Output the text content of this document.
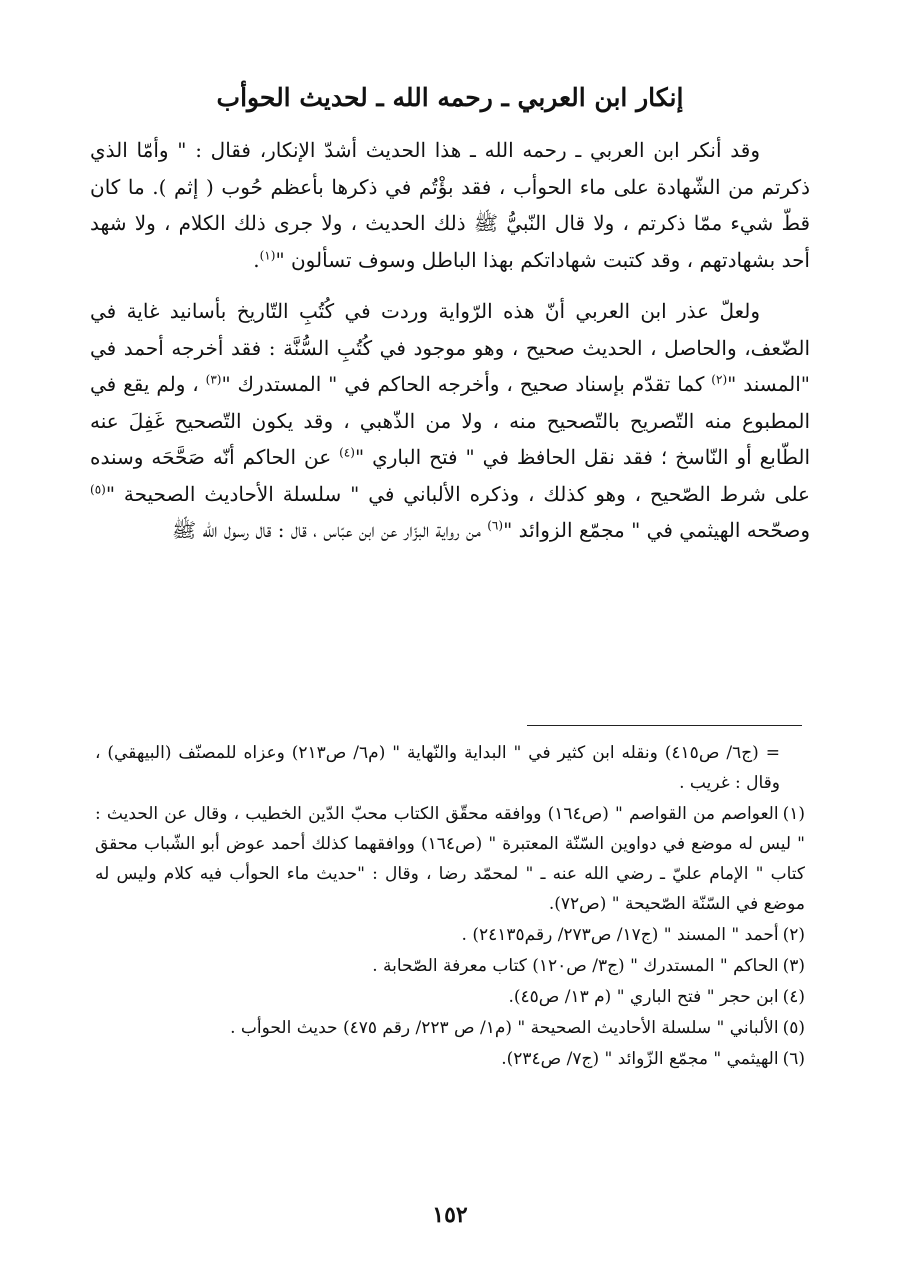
إنكار ابن العربي ـ رحمه الله ـ لحديث الحوأب

وقد أنكر ابن العربي ـ رحمه الله ـ هذا الحديث أشدّ الإنكار، فقال : " وأمّا الذي ذكرتم من الشّهادة على ماء الحوأب ، فقد بؤْتُم في ذكرها بأعظم حُوب ( إثم ). ما كان قطّ شيء ممّا ذكرتم ، ولا قال النّبيُّ ﷺ ذلك الحديث ، ولا جرى ذلك الكلام ، ولا شهد أحد بشهادتهم ، وقد كتبت شهاداتكم بهذا الباطل وسوف تسألون "$^{(١)}$.

ولعلّ عذر ابن العربي أنّ هذه الرّواية وردت في كُتُبِ التّاريخ بأسانيد غاية في الضّعف، والحاصل ، الحديث صحيح ، وهو موجود في كُتُبِ السُّنَّة : فقد أخرجه أحمد في "المسند "$^{(٢)}$ كما تقدّم بإسناد صحيح ، وأخرجه الحاكم في " المستدرك "$^{(٣)}$ ، ولم يقع في المطبوع منه التّصريح بالتّصحيح منه ، ولا من الذّهبي ، وقد يكون التّصحيح غَفِلَ عنه الطّابع أو النّاسخ ؛ فقد نقل الحافظ في " فتح الباري "$^{(٤)}$ عن الحاكم أنّه صَحَّحَه وسنده على شرط الصّحيح ، وهو كذلك ، وذكره الألباني في " سلسلة الأحاديث الصحيحة "$^{(٥)}$ وصحّحه الهيثمي في " مجمّع الزوائد "$^{(٦)}$ من رواية البزّار عن ابن عبّاس ، قال : قال رسول الله ﷺ

= (ج٦/ ص٤١٥) ونقله ابن كثير في " البداية والنّهاية " (م٦/ ص٢١٣) وعزاه للمصنّف (البيهقي) ، وقال : غريب .

(١)العواصم من القواصم " (ص١٦٤) ووافقه محقّق الكتاب محبّ الدّين الخطيب ، وقال عن الحديث : " ليس له موضع في دواوين السّنّة المعتبرة " (ص١٦٤) ووافقهما كذلك أحمد عوض أبو الشّباب محقق كتاب " الإمام عليّ ـ رضي الله عنه ـ " لمحمّد رضا ، وقال : "حديث ماء الحوأب فيه كلام وليس له موضع في السّنّة الصّحيحة " (ص٧٢).

(٢)أحمد " المسند " (ج١٧/ ص٢٧٣/ رقم٢٤١٣٥) .

(٣)الحاكم " المستدرك " (ج٣/ ص١٢٠) كتاب معرفة الصّحابة .

(٤)ابن حجر " فتح الباري " (م ١٣/ ص٤٥).

(٥)الألباني " سلسلة الأحاديث الصحيحة " (م١/ ص ٢٢٣/ رقم ٤٧٥) حديث الحوأب .

(٦)الهيثمي " مجمّع الزّوائد " (ج٧/ ص٢٣٤).

١٥٢
